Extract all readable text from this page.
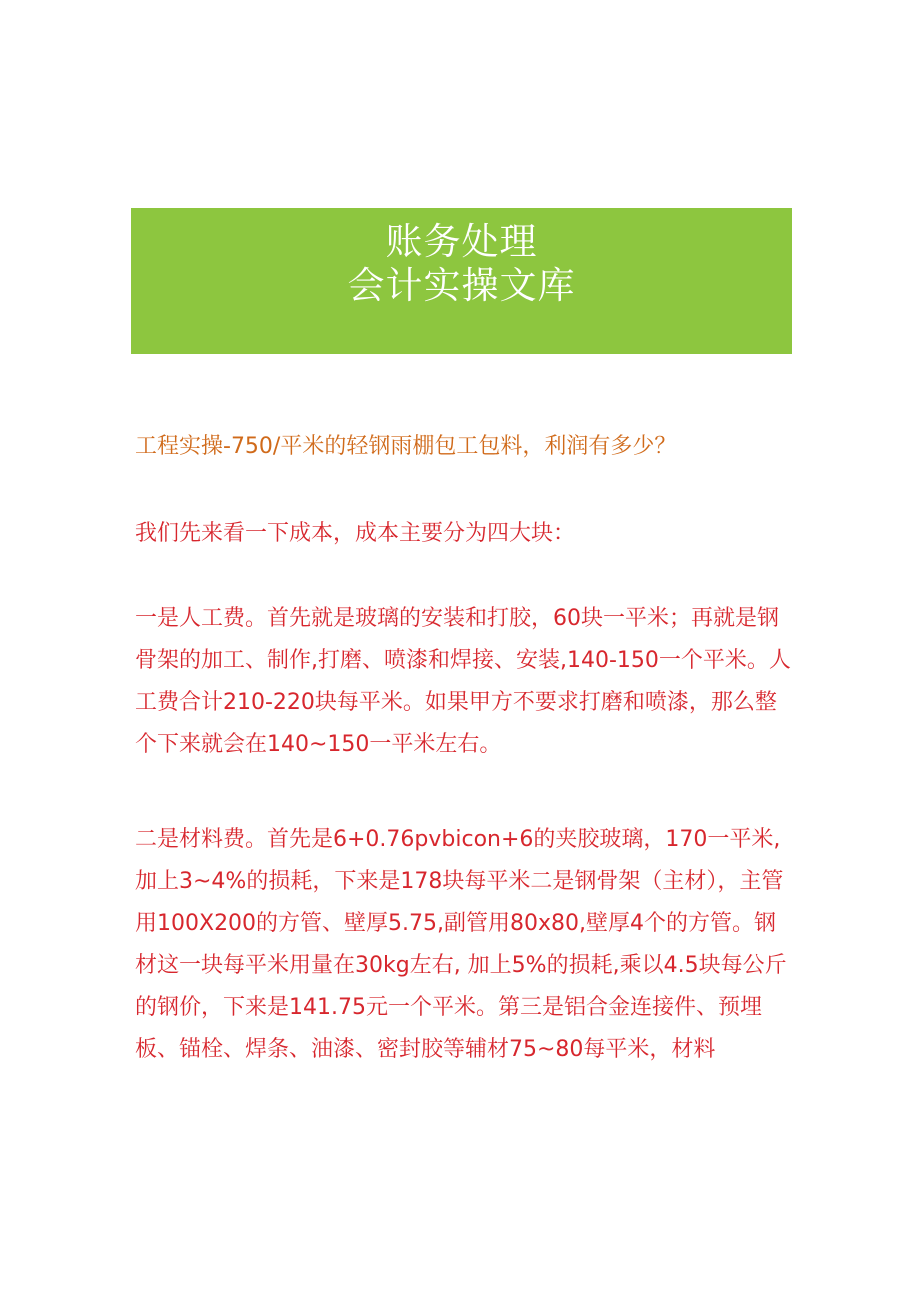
账务处理
会计实操文库
工程实操-750/平米的轻钢雨棚包工包料，利润有多少？

我们先来看一下成本，成本主要分为四大块：

一是人工费。首先就是玻璃的安装和打胶，60块一平米；再就是钢骨架的加工、制作,打磨、喷漆和焊接、安装,140-150一个平米。人工费合计210-220块每平米。如果甲方不要求打磨和喷漆，那么整个下来就会在140~150一平米左右。

二是材料费。首先是6+0.76pvbicon+6的夹胶玻璃，170一平米,加上3~4%的损耗，下来是178块每平米二是钢骨架（主材），主管用100X200的方管、壁厚5.75,副管用80x80,壁厚4个的方管。钢材这一块每平米用量在30kg左右, 加上5%的损耗,乘以4.5块每公斤的钢价，下来是141.75元一个平米。第三是铝合金连接件、预埋板、锚栓、焊条、油漆、密封胶等辅材75~80每平米，材料
